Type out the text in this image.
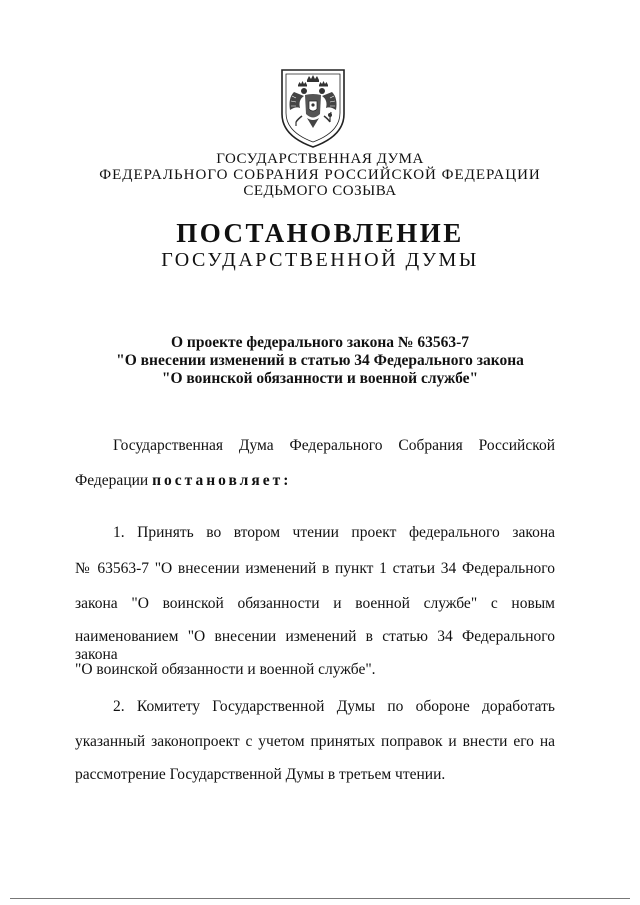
ГОСУДАРСТВЕННАЯ ДУМА
ФЕДЕРАЛЬНОГО СОБРАНИЯ РОССИЙСКОЙ ФЕДЕРАЦИИ
СЕДЬМОГО СОЗЫВА
ПОСТАНОВЛЕНИЕ
ГОСУДАРСТВЕННОЙ ДУМЫ
О проекте федерального закона № 63563-7
"О внесении изменений в статью 34 Федерального закона
"О воинской обязанности и военной службе"
Государственная Дума Федерального Собрания Российской
Федерации постановляет:
1. Принять во втором чтении проект федерального закона
№ 63563-7 "О внесении изменений в пункт 1 статьи 34 Федерального
закона "О воинской обязанности и военной службе" с новым
наименованием "О внесении изменений в статью 34 Федерального закона
"О воинской обязанности и военной службе".
2. Комитету Государственной Думы по обороне доработать
указанный законопроект с учетом принятых поправок и внести его на
рассмотрение Государственной Думы в третьем чтении.
